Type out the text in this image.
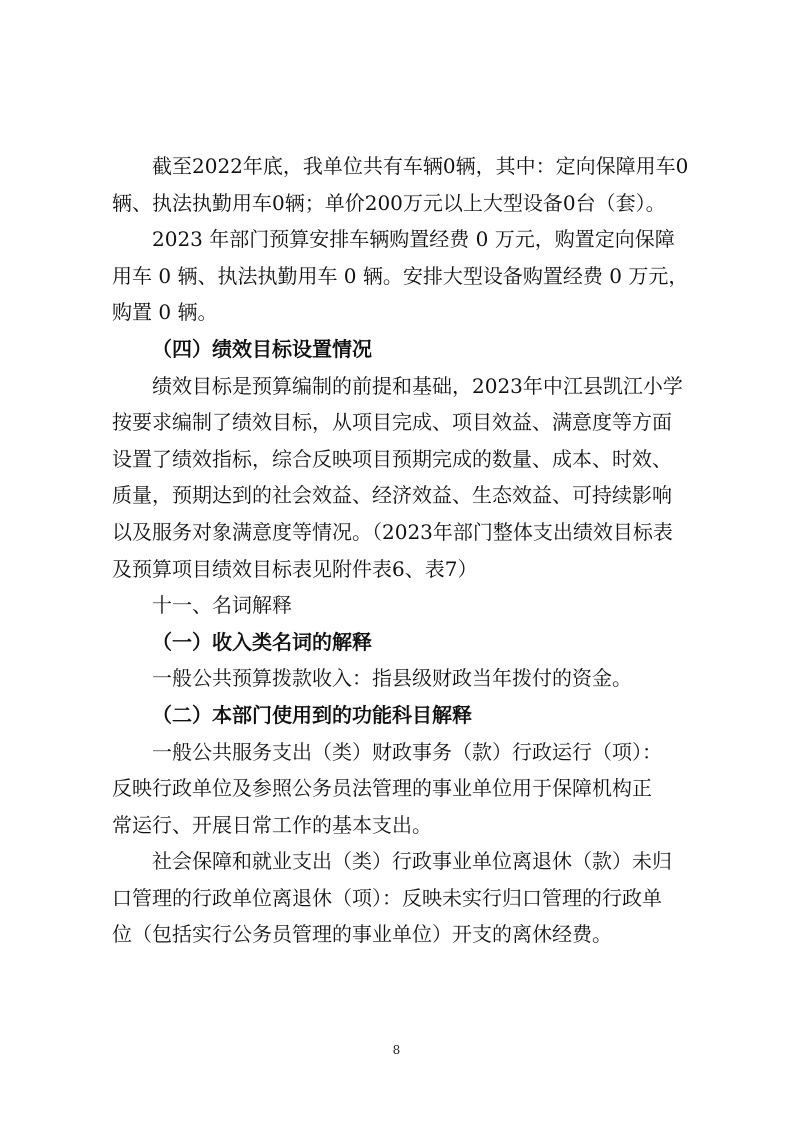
截至2022年底，我单位共有车辆0辆，其中：定向保障用车0
辆、执法执勤用车0辆；单价200万元以上大型设备0台（套）。
2023 年部门预算安排车辆购置经费 0 万元，购置定向保障
用车 0 辆、执法执勤用车 0 辆。安排大型设备购置经费 0 万元，
购置 0 辆。
（四）绩效目标设置情况
绩效目标是预算编制的前提和基础，2023年中江县凯江小学
按要求编制了绩效目标，从项目完成、项目效益、满意度等方面
设置了绩效指标，综合反映项目预期完成的数量、成本、时效、
质量，预期达到的社会效益、经济效益、生态效益、可持续影响
以及服务对象满意度等情况。（2023年部门整体支出绩效目标表
及预算项目绩效目标表见附件表6、表7）
十一、名词解释
（一）收入类名词的解释
一般公共预算拨款收入：指县级财政当年拨付的资金。
（二）本部门使用到的功能科目解释
一般公共服务支出（类）财政事务（款）行政运行（项）：
反映行政单位及参照公务员法管理的事业单位用于保障机构正
常运行、开展日常工作的基本支出。
社会保障和就业支出（类）行政事业单位离退休（款）未归
口管理的行政单位离退休（项）：反映未实行归口管理的行政单
位（包括实行公务员管理的事业单位）开支的离休经费。
8
